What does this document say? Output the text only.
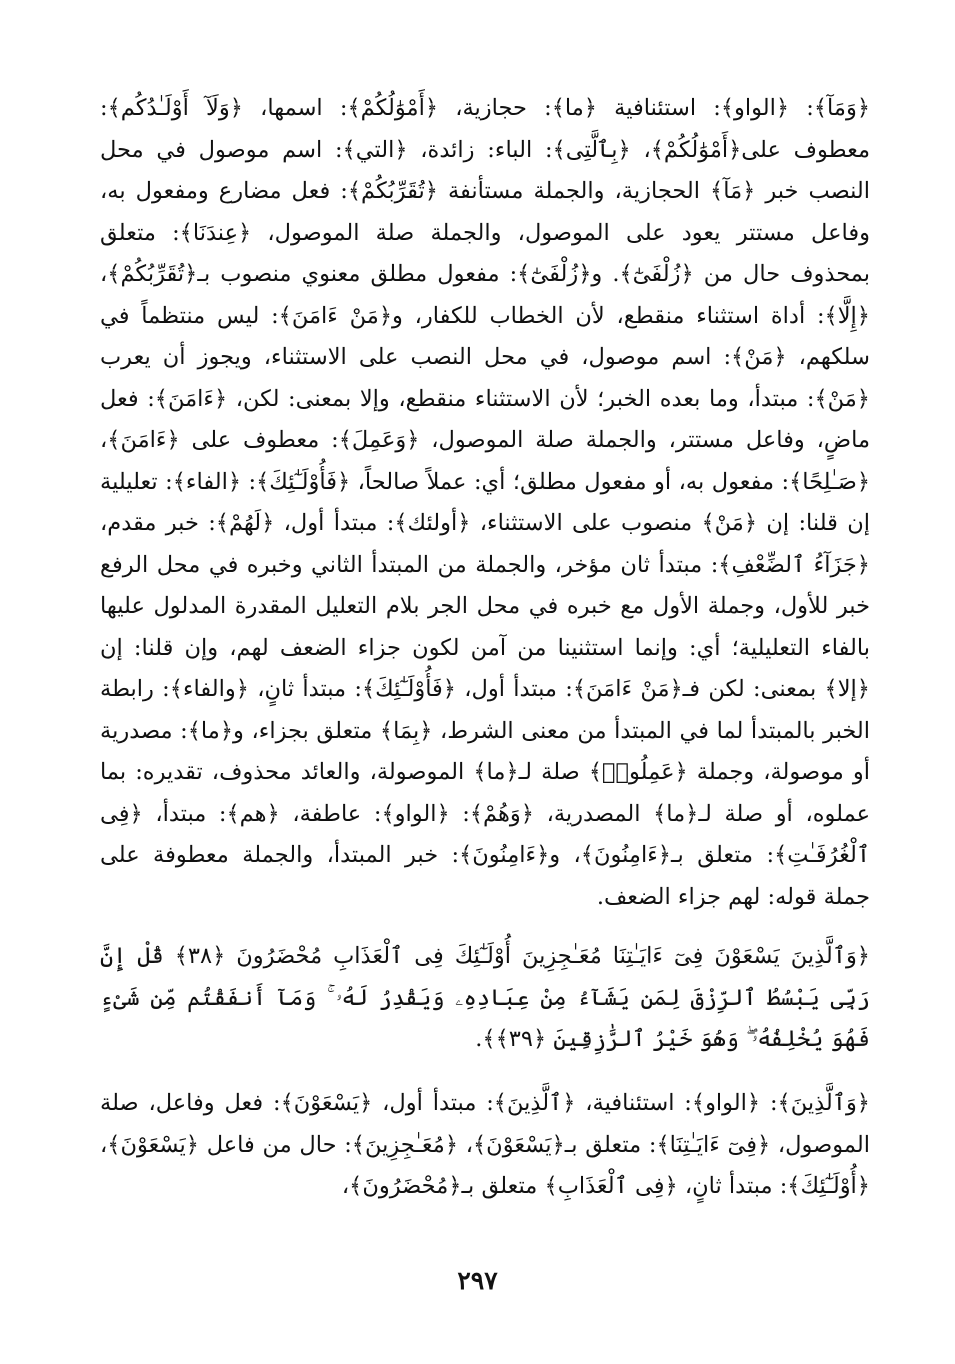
﴿وَمَآ﴾: ﴿الواو﴾: استئنافية ﴿ما﴾: حجازية، ﴿أَمْوَٰلُكُمْ﴾: اسمها، ﴿وَلَآ أَوْلَـٰدُكُم﴾: معطوف على﴿أَمْوَٰلُكُمْ﴾، ﴿بِٱلَّتِى﴾: الباء: زائدة، ﴿التي﴾: اسم موصول في محل النصب خبر ﴿مَآ﴾ الحجازية، والجملة مستأنفة ﴿تُقَرِّبُكُمْ﴾: فعل مضارع ومفعول به، وفاعل مستتر يعود على الموصول، والجملة صلة الموصول، ﴿عِندَنَا﴾: متعلق بمحذوف حال من ﴿زُلْفَىٰٓ﴾. و﴿زُلْفَىٰٓ﴾: مفعول مطلق معنوي منصوب بـ﴿تُقَرِّبُكُمْ﴾، ﴿إِلَّا﴾: أداة استثناء منقطع، لأن الخطاب للكفار، و﴿مَنْ ءَامَنَ﴾: ليس منتظماً في سلكهم، ﴿مَنْ﴾: اسم موصول، في محل النصب على الاستثناء، ويجوز أن يعرب ﴿مَنْ﴾: مبتدأ، وما بعده الخبر؛ لأن الاستثناء منقطع، وإلا بمعنى: لكن، ﴿ءَامَنَ﴾: فعل ماضٍ، وفاعل مستتر، والجملة صلة الموصول، ﴿وَعَمِلَ﴾: معطوف على ﴿ءَامَنَ﴾، ﴿صَـٰلِحًا﴾: مفعول به، أو مفعول مطلق؛ أي: عملاً صالحاً، ﴿فَأُوْلَـٰٓئِكَ﴾: ﴿الفاء﴾: تعليلية إن قلنا: إن ﴿مَنْ﴾ منصوب على الاستثناء، ﴿أولئك﴾: مبتدأ أول، ﴿لَهُمْ﴾: خبر مقدم، ﴿جَزَآءُ ٱلضِّعْفِ﴾: مبتدأ ثان مؤخر، والجملة من المبتدأ الثاني وخبره في محل الرفع خبر للأول، وجملة الأول مع خبره في محل الجر بلام التعليل المقدرة المدلول عليها بالفاء التعليلية؛ أي: وإنما استثنينا من آمن لكون جزاء الضعف لهم، وإن قلنا: إن ﴿إلا﴾ بمعنى: لكن فـ﴿مَنْ ءَامَنَ﴾: مبتدأ أول، ﴿فَأُوْلَـٰٓئِكَ﴾: مبتدأ ثانٍ، ﴿والفاء﴾: رابطة الخبر بالمبتدأ لما في المبتدأ من معنى الشرط، ﴿بِمَا﴾ متعلق بجزاء، و﴿ما﴾: مصدرية أو موصولة، وجملة ﴿عَمِلُوا۟﴾ صلة لـ﴿ما﴾ الموصولة، والعائد محذوف، تقديره: بما عملوه، أو صلة لـ﴿ما﴾ المصدرية، ﴿وَهُمْ﴾: ﴿الواو﴾: عاطفة، ﴿هم﴾: مبتدأ، ﴿فِى ٱلْغُرُفَـٰتِ﴾: متعلق بـ﴿ءَامِنُونَ﴾، و﴿ءَامِنُونَ﴾: خبر المبتدأ، والجملة معطوفة على جملة قوله: لهم جزاء الضعف.

﴿وَٱلَّذِينَ يَسْعَوْنَ فِىٓ ءَايَـٰتِنَا مُعَـٰجِزِينَ أُوْلَـٰٓئِكَ فِى ٱلْعَذَابِ مُحْضَرُونَ ﴿٣٨﴾ قُلْ إِنَّ رَبِّى يَبْسُطُ ٱلرِّزْقَ لِمَن يَشَآءُ مِنْ عِبَادِهِۦ وَيَقْدِرُ لَهُۥ ۚ وَمَآ أَنفَقْتُم مِّن شَىْءٍ فَهُوَ يُخْلِفُهُۥ ۖ وَهُوَ خَيْرُ ٱلرَّٰزِقِينَ ﴿٣٩﴾﴾.

﴿وَٱلَّذِينَ﴾: ﴿الواو﴾: استئنافية، ﴿ٱلَّذِينَ﴾: مبتدأ أول، ﴿يَسْعَوْنَ﴾: فعل وفاعل، صلة الموصول، ﴿فِىٓ ءَايَـٰتِنَا﴾: متعلق بـ﴿يَسْعَوْنَ﴾، ﴿مُعَـٰجِزِينَ﴾: حال من فاعل ﴿يَسْعَوْنَ﴾، ﴿أُوْلَـٰٓئِكَ﴾: مبتدأ ثانٍ، ﴿فِى ٱلْعَذَابِ﴾ متعلق بـ﴿مُحْضَرُونَ﴾،

٢٩٧
